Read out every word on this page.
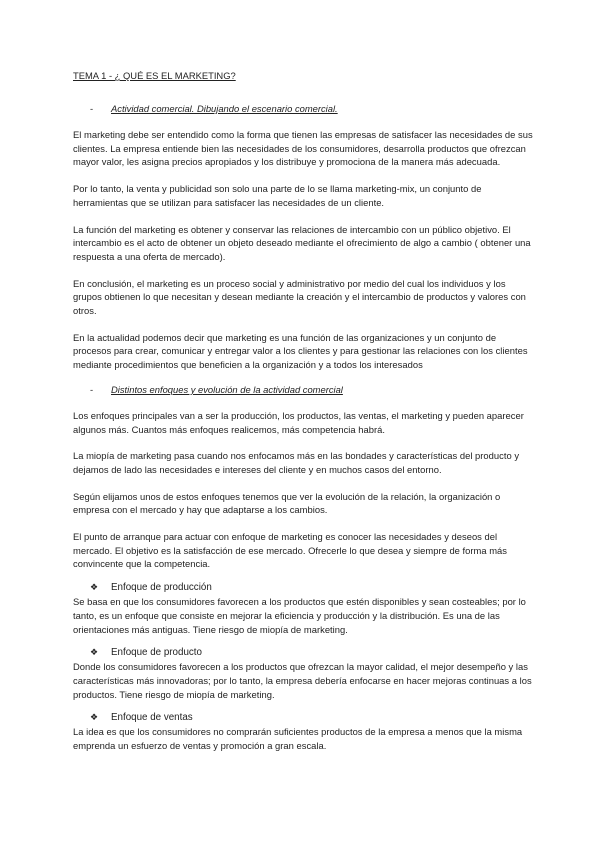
TEMA 1 - ¿ QUÉ ES EL MARKETING?
- Actividad comercial. Dibujando el escenario comercial.

El marketing debe ser entendido como la forma que tienen las empresas de satisfacer las necesidades de sus clientes. La empresa entiende bien las necesidades de los consumidores, desarrolla productos que ofrezcan mayor valor, les asigna precios apropiados y los distribuye y promociona de la manera más adecuada.

Por lo tanto, la venta y publicidad son solo una parte de lo se llama marketing-mix, un conjunto de herramientas que se utilizan para satisfacer las necesidades de un cliente.

La función del marketing es obtener y conservar las relaciones de intercambio con un público objetivo. El intercambio es el acto de obtener un objeto deseado mediante el ofrecimiento de algo a cambio ( obtener una respuesta a una oferta de mercado).

En conclusión, el marketing es un proceso social y administrativo por medio del cual los individuos y los grupos obtienen lo que necesitan y desean mediante la creación y el intercambio de productos y valores con otros.

En la actualidad podemos decir que marketing es una función de las organizaciones y un conjunto de procesos para crear, comunicar y entregar valor a los clientes y para gestionar las relaciones con los clientes mediante procedimientos que beneficien a la organización y a todos los interesados

- Distintos enfoques y evolución de la actividad comercial

Los enfoques principales van a ser la producción, los productos, las ventas, el marketing y pueden aparecer algunos más. Cuantos más enfoques realicemos, más competencia habrá.

La miopía de marketing pasa cuando nos enfocamos más en las bondades y características del producto y dejamos de lado las necesidades e intereses del cliente y en muchos casos del entorno.

Según elijamos unos de estos enfoques tenemos que ver la evolución de la relación, la organización o empresa con el mercado y hay que adaptarse a los cambios.

El punto de arranque para actuar con enfoque de marketing es conocer las necesidades y deseos del mercado. El objetivo es la satisfacción de ese mercado. Ofrecerle lo que desea y siempre de forma más convincente que la competencia.

❖ Enfoque de producción

Se basa en que los consumidores favorecen a los productos que estén disponibles y sean costeables; por lo tanto, es un enfoque que consiste en mejorar la eficiencia y producción y la distribución. Es una de las orientaciones más antiguas. Tiene riesgo de miopía de marketing.

❖ Enfoque de producto

Donde los consumidores favorecen a los productos que ofrezcan la mayor calidad, el mejor desempeño y las características más innovadoras; por lo tanto, la empresa debería enfocarse en hacer mejoras continuas a los productos. Tiene riesgo de miopía de marketing.

❖ Enfoque de ventas

La idea es que los consumidores no comprarán suficientes productos de la empresa a menos que la misma emprenda un esfuerzo de ventas y promoción a gran escala.
